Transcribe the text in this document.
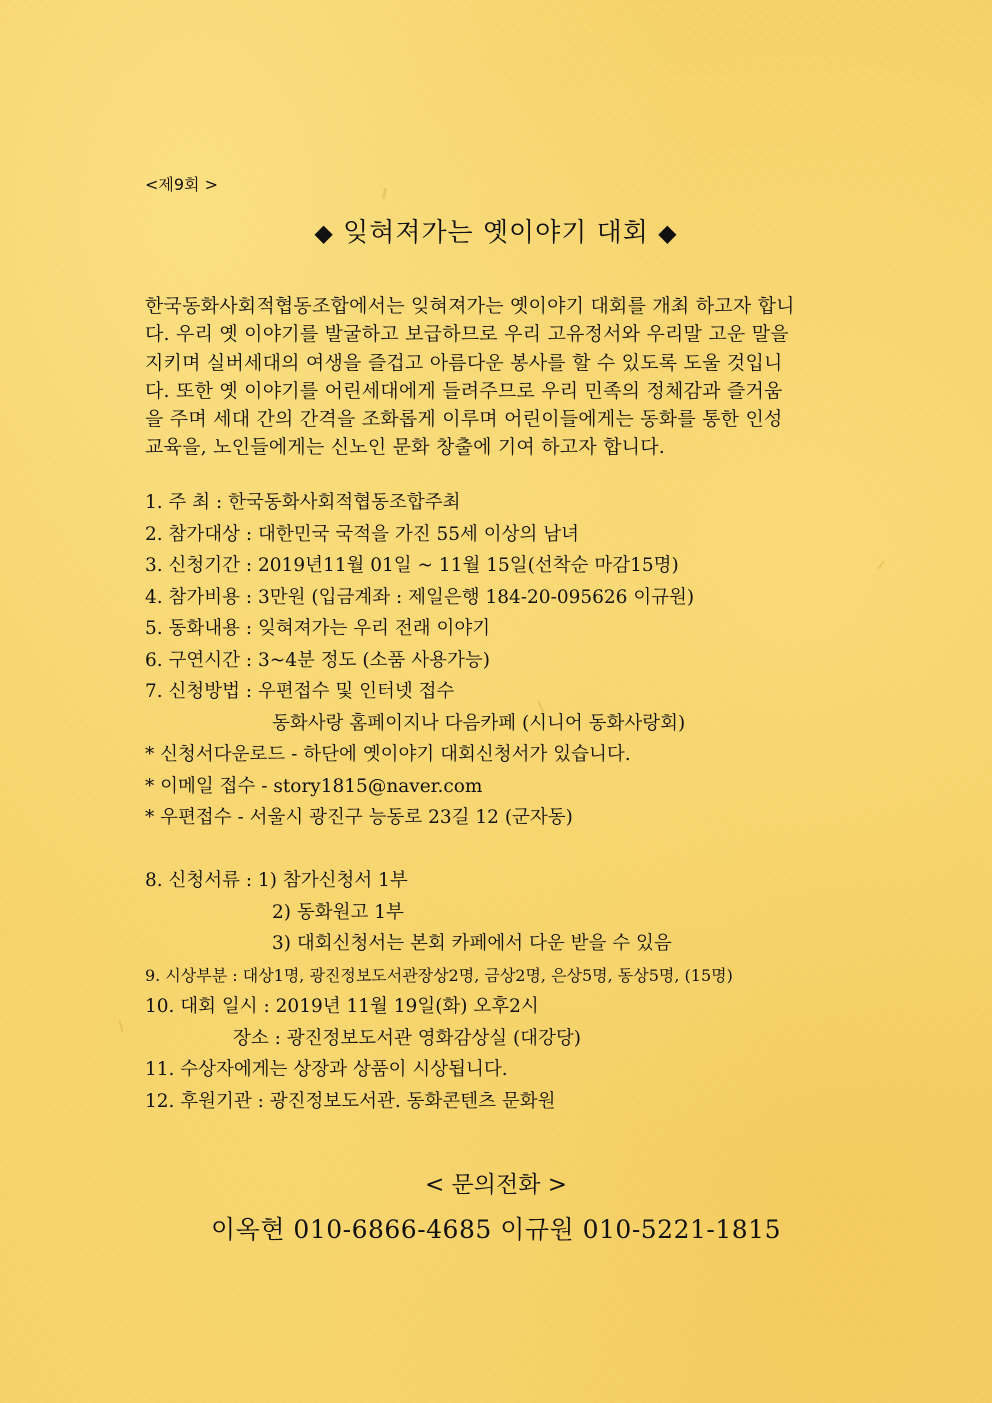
<제9회 >
◆ 잊혀져가는 옛이야기 대회 ◆
한국동화사회적협동조합에서는 잊혀져가는 옛이야기 대회를 개최 하고자 합니
다. 우리 옛 이야기를 발굴하고 보급하므로 우리 고유정서와 우리말 고운 말을
지키며 실버세대의 여생을 즐겁고 아름다운 봉사를 할 수 있도록 도울 것입니
다. 또한 옛 이야기를 어린세대에게 들려주므로 우리 민족의 정체감과 즐거움
을 주며 세대 간의 간격을 조화롭게 이루며 어린이들에게는 동화를 통한 인성
교육을, 노인들에게는 신노인 문화 창출에 기여 하고자 합니다.
1. 주 최 : 한국동화사회적협동조합주최
2. 참가대상 : 대한민국 국적을 가진 55세 이상의 남녀
3. 신청기간 : 2019년11월 01일 ~ 11월 15일(선착순 마감15명)
4. 참가비용 : 3만원 (입금계좌 : 제일은행 184-20-095626 이규원)
5. 동화내용 : 잊혀져가는 우리 전래 이야기
6. 구연시간 : 3~4분 정도 (소품 사용가능)
7. 신청방법 : 우편접수 및 인터넷 접수
동화사랑 홈페이지나 다음카페 (시니어 동화사랑회)
* 신청서다운로드 - 하단에 옛이야기 대회신청서가 있습니다.
* 이메일 접수 - story1815@naver.com
* 우편접수 - 서울시 광진구 능동로 23길 12 (군자동)
8. 신청서류 : 1) 참가신청서 1부
2) 동화원고 1부
3) 대회신청서는 본회 카페에서 다운 받을 수 있음
9. 시상부분 : 대상1명, 광진정보도서관장상2명, 금상2명, 은상5명, 동상5명, (15명)
10. 대회 일시 : 2019년 11월 19일(화) 오후2시
장소 : 광진정보도서관 영화감상실 (대강당)
11. 수상자에게는 상장과 상품이 시상됩니다.
12. 후원기관 : 광진정보도서관. 동화콘텐츠 문화원
< 문의전화 >
이옥현 010-6866-4685 이규원 010-5221-1815
